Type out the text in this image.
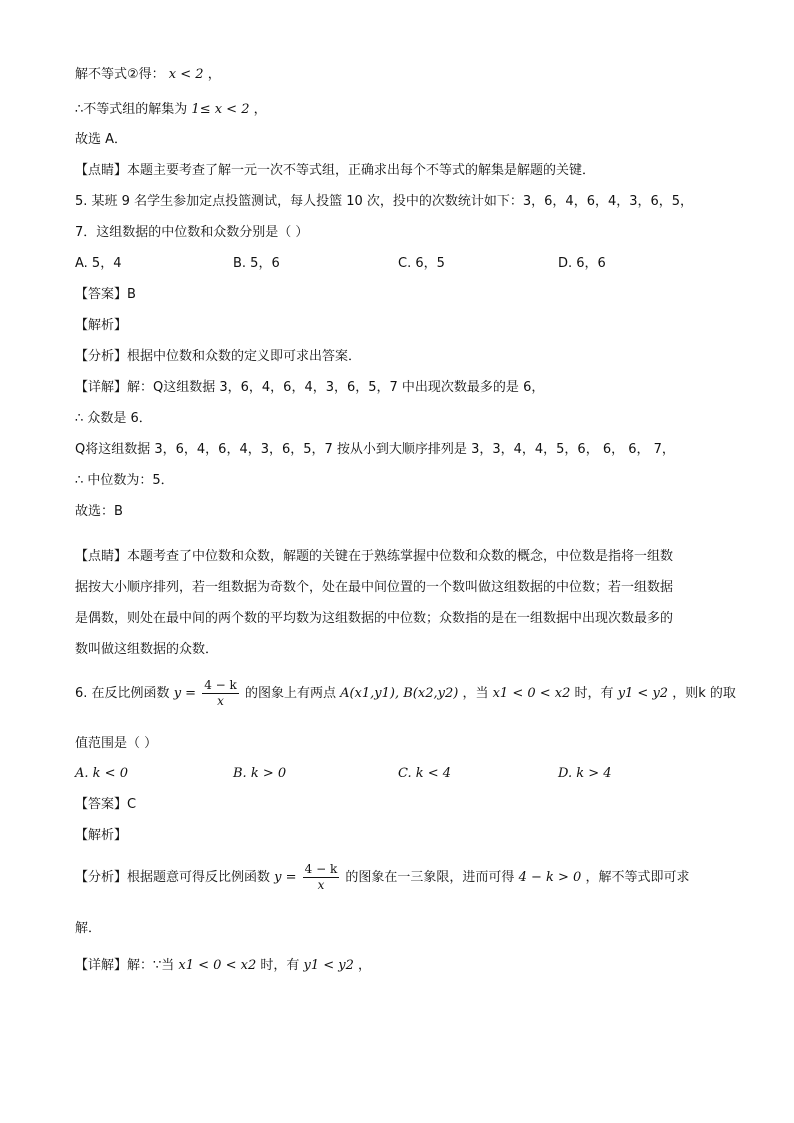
解不等式②得： x < 2 ，
∴不等式组的解集为 1≤ x < 2 ，
故选 A．
【点睛】本题主要考查了解一元一次不等式组，正确求出每个不等式的解集是解题的关键．
5. 某班 9 名学生参加定点投篮测试，每人投篮 10 次，投中的次数统计如下：3，6，4，6，4，3，6，5，
7．这组数据的中位数和众数分别是（ ）
A. 5，4	B. 5，6	C. 6，5	D. 6，6
【答案】B
【解析】
【分析】根据中位数和众数的定义即可求出答案．
【详解】解：Q这组数据 3，6，4，6，4，3，6，5，7 中出现次数最多的是 6，
∴ 众数是 6．
Q将这组数据 3，6，4，6，4，3，6，5，7 按从小到大顺序排列是 3，3，4，4，5，6， 6， 6， 7，
∴ 中位数为：5．
故选：B
【点睛】本题考查了中位数和众数，解题的关键在于熟练掌握中位数和众数的概念，中位数是指将一组数
据按大小顺序排列，若一组数据为奇数个，处在最中间位置的一个数叫做这组数据的中位数；若一组数据
是偶数，则处在最中间的两个数的平均数为这组数据的中位数；众数指的是在一组数据中出现次数最多的
数叫做这组数据的众数．
6. 在反比例函数 $y = \frac{4 - k}{x}$ 的图象上有两点 A(x1,y1), B(x2,y2) ，当 x1 < 0 < x2 时，有 y1 < y2 ，则k 的取
值范围是（ ）
A. k < 0	B. k > 0	C. k < 4	D. k > 4
【答案】C
【解析】
【分析】根据题意可得反比例函数 $y = \frac{4 - k}{x}$ 的图象在一三象限，进而可得 4 − k > 0 ，解不等式即可求
解．
【详解】解：∵当 x1 < 0 < x2 时，有 y1 < y2 ，
